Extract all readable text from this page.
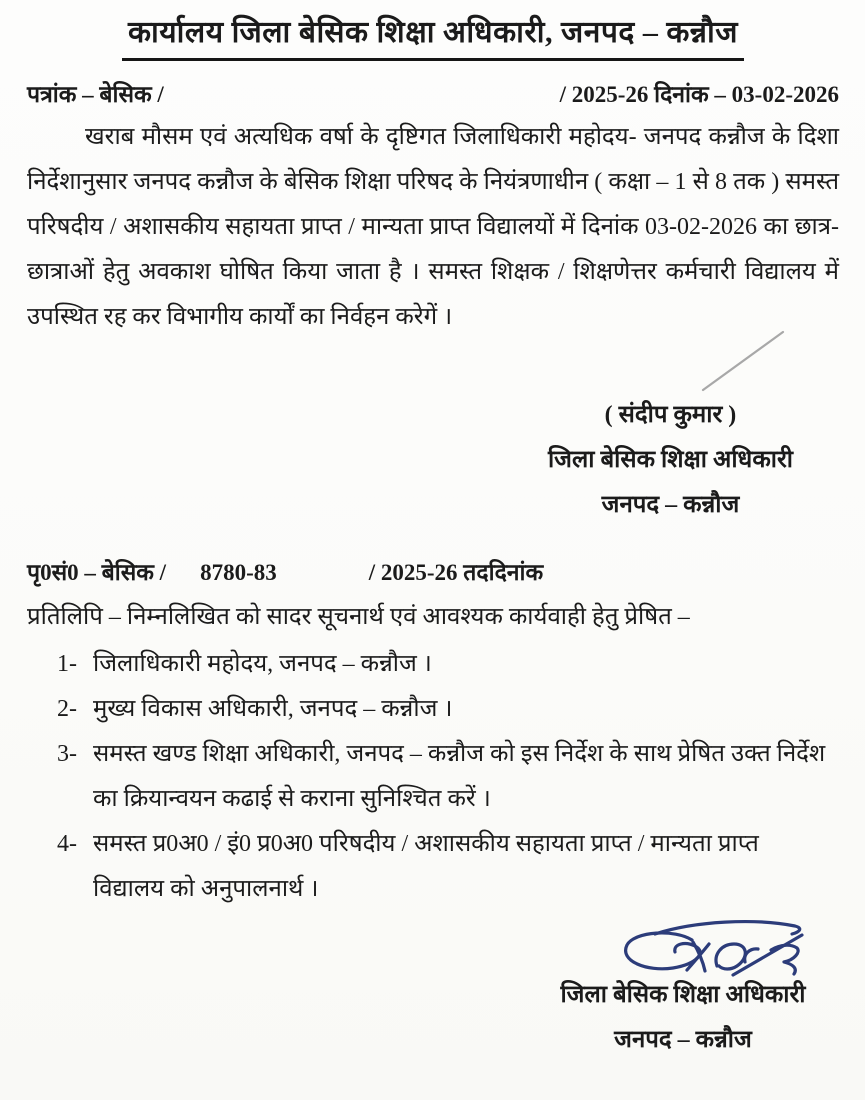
कार्यालय जिला बेसिक शिक्षा अधिकारी, जनपद – कन्नौज
पत्रांक – बेसिक /	/ 2025-26 दिनांक – 03-02-2026
खराब मौसम एवं अत्यधिक वर्षा के दृष्टिगत जिलाधिकारी महोदय- जनपद कन्नौज के दिशा निर्देशानुसार जनपद कन्नौज के बेसिक शिक्षा परिषद के नियंत्रणाधीन ( कक्षा – 1 से 8 तक ) समस्त परिषदीय / अशासकीय सहायता प्राप्त / मान्यता प्राप्त विद्यालयों में दिनांक 03-02-2026 का छात्र-छात्राओं हेतु अवकाश घोषित किया जाता है । समस्त शिक्षक / शिक्षणेत्तर कर्मचारी विद्यालय में उपस्थित रह कर विभागीय कार्यों का निर्वहन करेगें ।
( संदीप कुमार )
जिला बेसिक शिक्षा अधिकारी
जनपद – कन्नौज
पृ0सं0 – बेसिक / 8780-83	/ 2025-26 तददिनांक
प्रतिलिपि – निम्नलिखित को सादर सूचनार्थ एवं आवश्यक कार्यवाही हेतु प्रेषित –
1- जिलाधिकारी महोदय, जनपद – कन्नौज ।
2- मुख्य विकास अधिकारी, जनपद – कन्नौज ।
3- समस्त खण्ड शिक्षा अधिकारी, जनपद – कन्नौज को इस निर्देश के साथ प्रेषित उक्त निर्देश का क्रियान्वयन कढाई से कराना सुनिश्चित करें ।
4- समस्त प्र0अ0 / इं0 प्र0अ0 परिषदीय / अशासकीय सहायता प्राप्त / मान्यता प्राप्त विद्यालय को अनुपालनार्थ ।
जिला बेसिक शिक्षा अधिकारी
जनपद – कन्नौज
